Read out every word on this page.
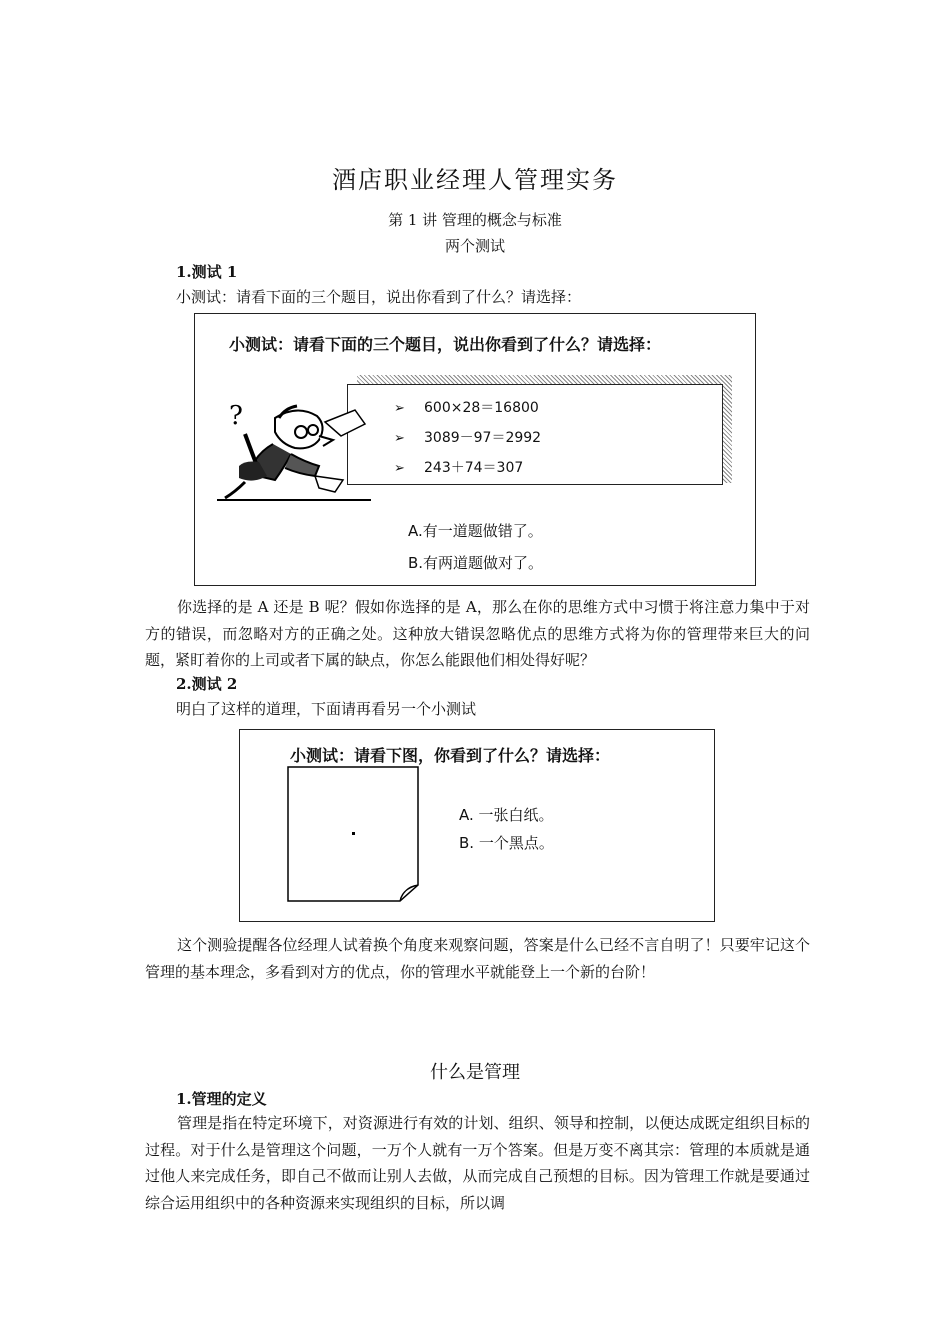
酒店职业经理人管理实务
第 1 讲 管理的概念与标准
两个测试
1.测试 1
小测试：请看下面的三个题目，说出你看到了什么？请选择：
小测试：请看下面的三个题目，说出你看到了什么？请选择：
➢ 600×28＝16800
➢ 3089－97＝2992
➢ 243＋74＝307
?
A.有一道题做错了。
B.有两道题做对了。
你选择的是 A 还是 B 呢？假如你选择的是 A，那么在你的思维方式中习惯于将注意力集中于对方的错误，而忽略对方的正确之处。这种放大错误忽略优点的思维方式将为你的管理带来巨大的问题，紧盯着你的上司或者下属的缺点，你怎么能跟他们相处得好呢？
2.测试 2
明白了这样的道理，下面请再看另一个小测试
小测试：请看下图，你看到了什么？请选择：
A. 一张白纸。
B. 一个黑点。
这个测验提醒各位经理人试着换个角度来观察问题，答案是什么已经不言自明了！只要牢记这个管理的基本理念，多看到对方的优点，你的管理水平就能登上一个新的台阶！
什么是管理
1.管理的定义
管理是指在特定环境下，对资源进行有效的计划、组织、领导和控制，以便达成既定组织目标的过程。对于什么是管理这个问题，一万个人就有一万个答案。但是万变不离其宗：管理的本质就是通过他人来完成任务，即自己不做而让别人去做，从而完成自己预想的目标。因为管理工作就是要通过综合运用组织中的各种资源来实现组织的目标，所以调
